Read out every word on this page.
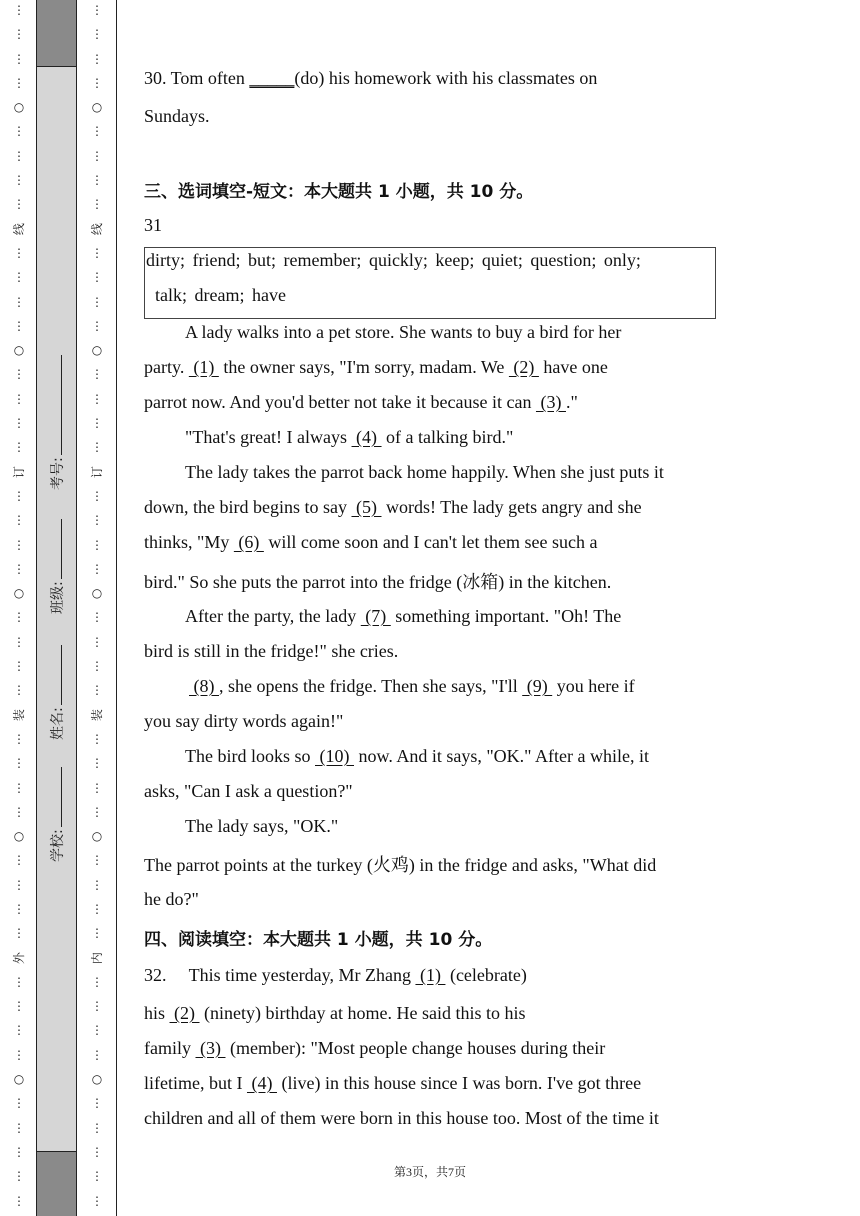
⋮
⋮
⋮
⋮
○
⋮
⋮
⋮
⋮
线
⋮
⋮
⋮
⋮
○
⋮
⋮
⋮
⋮
订
⋮
⋮
⋮
⋮
○
⋮
⋮
⋮
⋮
装
⋮
⋮
⋮
⋮
○
⋮
⋮
⋮
⋮
外
⋮
⋮
⋮
⋮
○
⋮
⋮
⋮
⋮
⋮
⋮
⋮
⋮
⋮
○
⋮
⋮
⋮
⋮
线
⋮
⋮
⋮
⋮
○
⋮
⋮
⋮
⋮
订
⋮
⋮
⋮
⋮
○
⋮
⋮
⋮
⋮
装
⋮
⋮
⋮
⋮
○
⋮
⋮
⋮
⋮
内
⋮
⋮
⋮
⋮
○
⋮
⋮
⋮
⋮
⋮
学校:
姓名:
班级:
考号:
30. Tom often _____(do) his homework with his classmates on
Sundays.
三、选词填空-短文：本大题共 1 小题，共 10 分。
31
dirty; friend; but; remember; quickly; keep; quiet; question; only;
talk; dream; have
A lady walks into a pet store. She wants to buy a bird for her
party.  (1)  the owner says, "I'm sorry, madam. We  (2)  have one
parrot now. And you'd better not take it because it can  (3) ."
"That's great! I always  (4)  of a talking bird."
The lady takes the parrot back home happily. When she just puts it
down, the bird begins to say  (5)  words! The lady gets angry and she
thinks, "My  (6)  will come soon and I can't let them see such a
bird." So she puts the parrot into the fridge (冰箱) in the kitchen.
After the party, the lady  (7)  something important. "Oh! The
bird is still in the fridge!" she cries.
(8) , she opens the fridge. Then she says, "I'll  (9)  you here if
you say dirty words again!"
The bird looks so  (10)  now. And it says, "OK." After a while, it
asks, "Can I ask a question?"
The lady says, "OK."
The parrot points at the turkey (火鸡) in the fridge and asks, "What did
he do?"
四、阅读填空：本大题共 1 小题，共 10 分。
32.     This time yesterday, Mr Zhang  (1)  (celebrate)
his  (2)  (ninety) birthday at home. He said this to his
family  (3)  (member): "Most people change houses during their
lifetime, but I  (4)  (live) in this house since I was born. I've got three
children and all of them were born in this house too. Most of the time it
第3页，共7页
